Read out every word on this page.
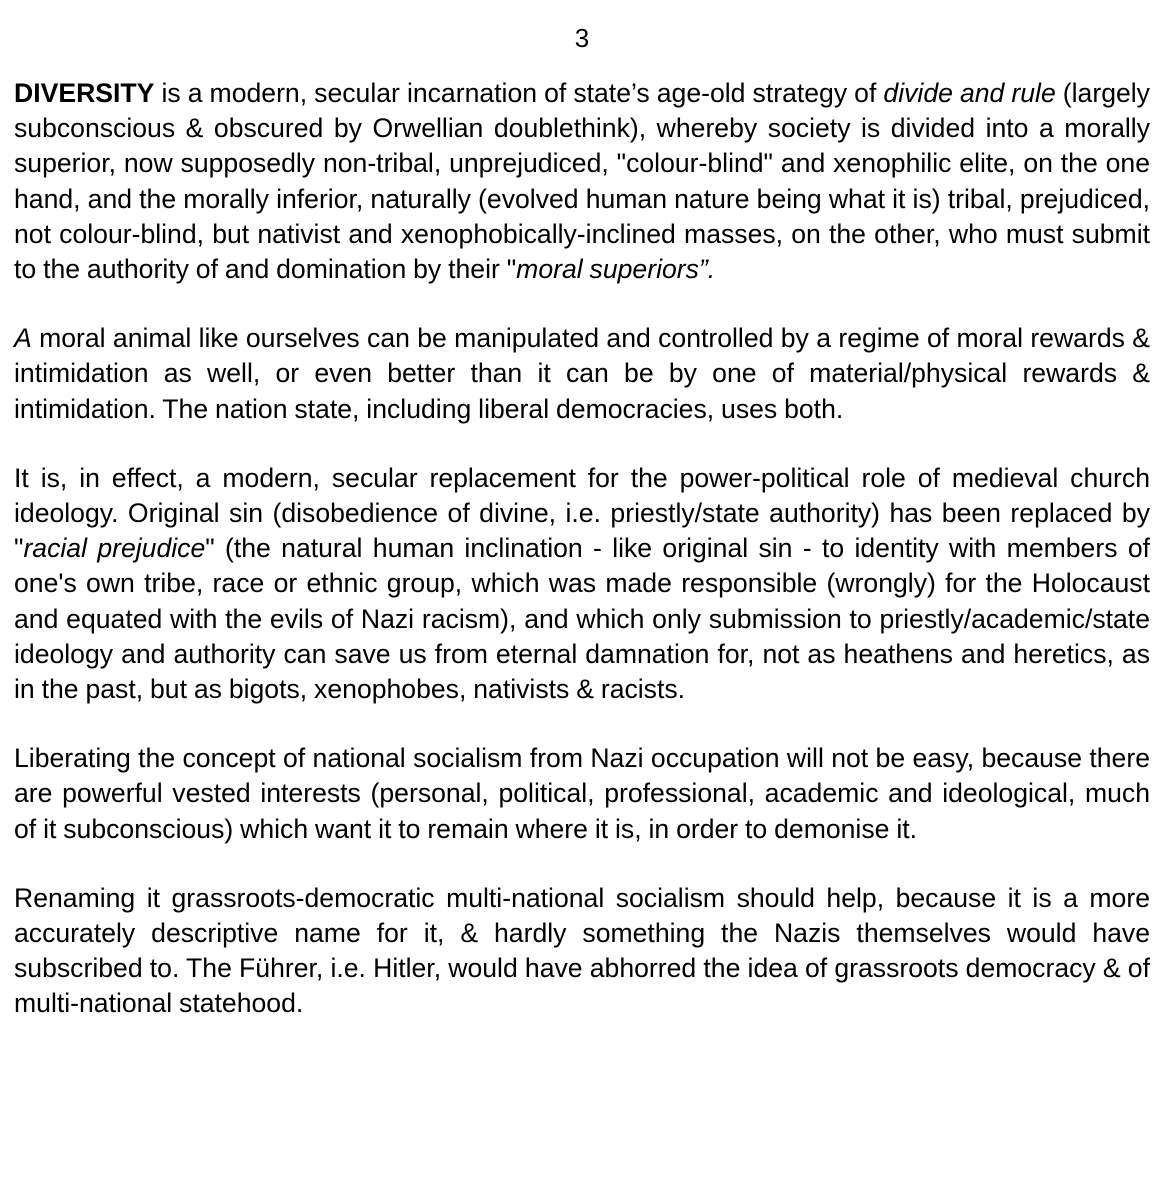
3

DIVERSITY is a modern, secular incarnation of state’s age-old strategy of divide and rule (largely subconscious & obscured by Orwellian doublethink), whereby society is divided into a morally superior, now supposedly non-tribal, unprejudiced, "colour-blind" and xenophilic elite, on the one hand, and the morally inferior, naturally (evolved human nature being what it is) tribal, prejudiced, not colour-blind, but nativist and xenophobically-inclined masses, on the other, who must submit to the authority of and domination by their "moral superiors”.

A moral animal like ourselves can be manipulated and controlled by a regime of moral rewards & intimidation as well, or even better than it can be by one of material/physical rewards & intimidation. The nation state, including liberal democracies, uses both.

It is, in effect, a modern, secular replacement for the power-political role of medieval church ideology. Original sin (disobedience of divine, i.e. priestly/state authority) has been replaced by "racial prejudice" (the natural human inclination - like original sin - to identity with members of one's own tribe, race or ethnic group, which was made responsible (wrongly) for the Holocaust and equated with the evils of Nazi racism), and which only submission to priestly/academic/state ideology and authority can save us from eternal damnation for, not as heathens and heretics, as in the past, but as bigots, xenophobes, nativists & racists.

Liberating the concept of national socialism from Nazi occupation will not be easy, because there are powerful vested interests (personal, political, professional, academic and ideological, much of it subconscious) which want it to remain where it is, in order to demonise it.

Renaming it grassroots-democratic multi-national socialism should help, because it is a more accurately descriptive name for it, & hardly something the Nazis themselves would have subscribed to. The Führer, i.e. Hitler, would have abhorred the idea of grassroots democracy & of multi-national statehood.
